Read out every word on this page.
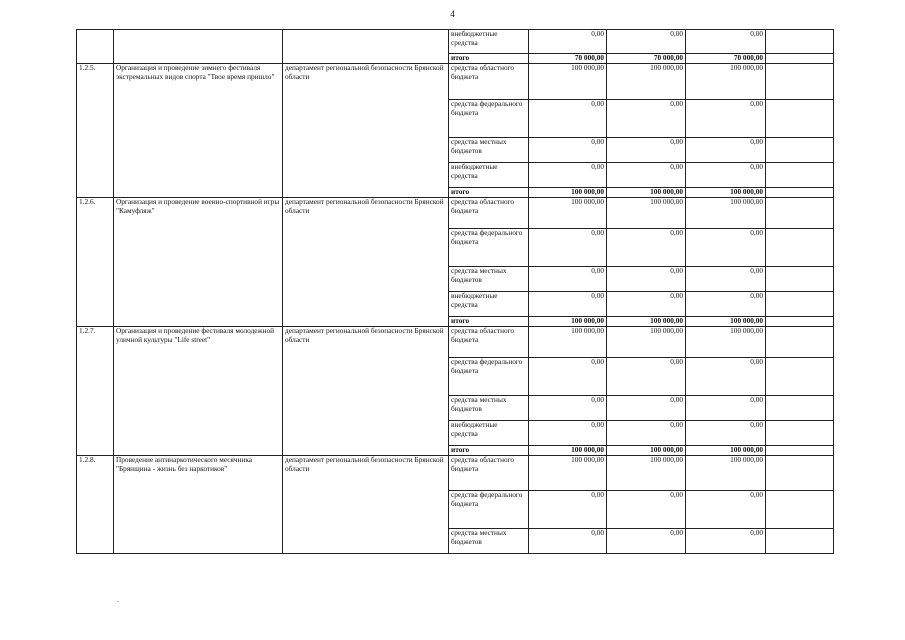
4
			внебюджетные средства	0,00	0,00	0,00	
			итого	70 000,00	70 000,00	70 000,00	
1.2.5.	Организация и проведение зимнего фестиваля экстремальных видов спорта "Твое время пришло"	департамент региональной безопасности Брянской области	средства областного бюджета	100 000,00	100 000,00	100 000,00	
			средства федерального бюджета	0,00	0,00	0,00	
			средства местных бюджетов	0,00	0,00	0,00	
			внебюджетные средства	0,00	0,00	0,00	
			итого	100 000,00	100 000,00	100 000,00	
1.2.6.	Организация и проведение военно-спортивной игры "Камуфляж"	департамент региональной безопасности Брянской области	средства областного бюджета	100 000,00	100 000,00	100 000,00	
			средства федерального бюджета	0,00	0,00	0,00	
			средства местных бюджетов	0,00	0,00	0,00	
			внебюджетные средства	0,00	0,00	0,00	
			итого	100 000,00	100 000,00	100 000,00	
1.2.7.	Организация и проведение фестиваля молодежной уличной культуры "Life street"	департамент региональной безопасности Брянской области	средства областного бюджета	100 000,00	100 000,00	100 000,00	
			средства федерального бюджета	0,00	0,00	0,00	
			средства местных бюджетов	0,00	0,00	0,00	
			внебюджетные средства	0,00	0,00	0,00	
			итого	100 000,00	100 000,00	100 000,00	
1.2.8.	Проведение антинаркотического месячника "Брянщина - жизнь без наркотиков"	департамент региональной безопасности Брянской области	средства областного бюджета	100 000,00	100 000,00	100 000,00	
			средства федерального бюджета	0,00	0,00	0,00	
			средства местных бюджетов	0,00	0,00	0,00	
